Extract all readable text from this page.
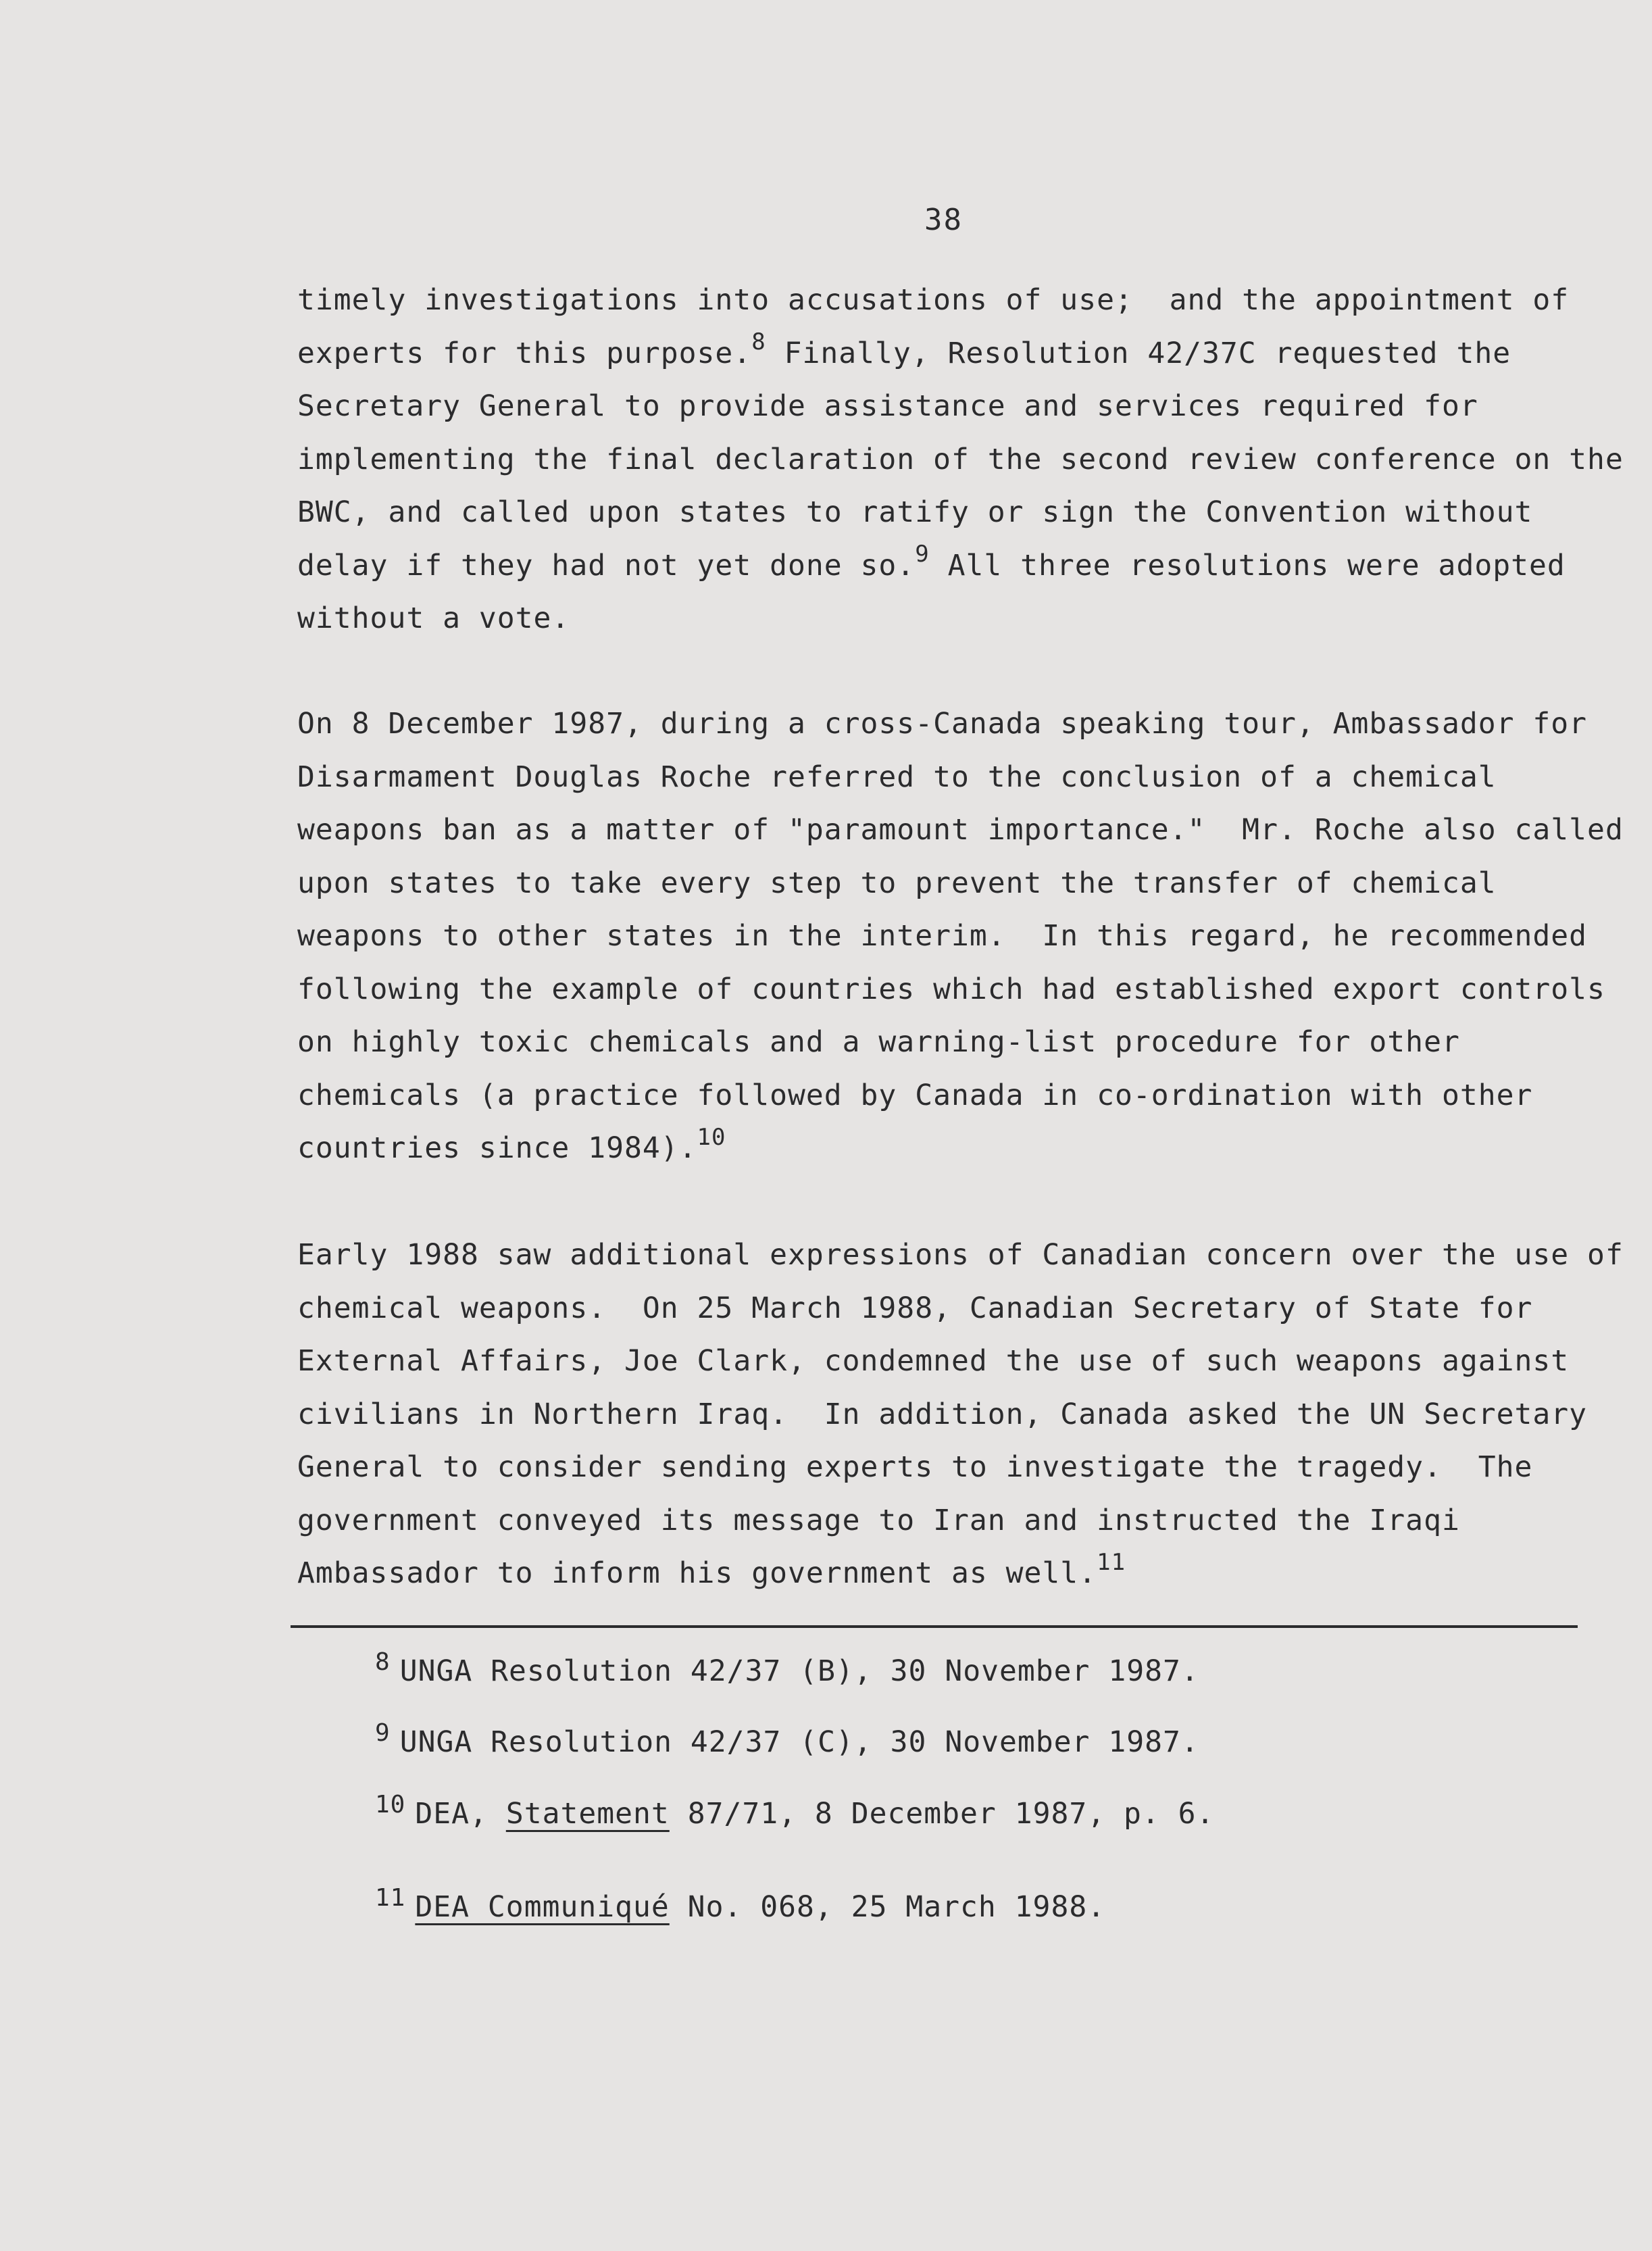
38
timely investigations into accusations of use;  and the appointment of
experts for this purpose.$^8$ Finally, Resolution 42/37C requested the
Secretary General to provide assistance and services required for
implementing the final declaration of the second review conference on the
BWC, and called upon states to ratify or sign the Convention without
delay if they had not yet done so.$^9$ All three resolutions were adopted
without a vote.
On 8 December 1987, during a cross-Canada speaking tour, Ambassador for
Disarmament Douglas Roche referred to the conclusion of a chemical
weapons ban as a matter of "paramount importance."  Mr. Roche also called
upon states to take every step to prevent the transfer of chemical
weapons to other states in the interim.  In this regard, he recommended
following the example of countries which had established export controls
on highly toxic chemicals and a warning-list procedure for other
chemicals (a practice followed by Canada in co-ordination with other
countries since 1984).$^{10}$
Early 1988 saw additional expressions of Canadian concern over the use of
chemical weapons.  On 25 March 1988, Canadian Secretary of State for
External Affairs, Joe Clark, condemned the use of such weapons against
civilians in Northern Iraq.  In addition, Canada asked the UN Secretary
General to consider sending experts to investigate the tragedy.  The
government conveyed its message to Iran and instructed the Iraqi
Ambassador to inform his government as well.$^{11}$
$^8$ UNGA Resolution 42/37 (B), 30 November 1987.
$^9$ UNGA Resolution 42/37 (C), 30 November 1987.
$^{10}$ DEA, Statement 87/71, 8 December 1987, p. 6.
$^{11}$ DEA Communiqué No. 068, 25 March 1988.
